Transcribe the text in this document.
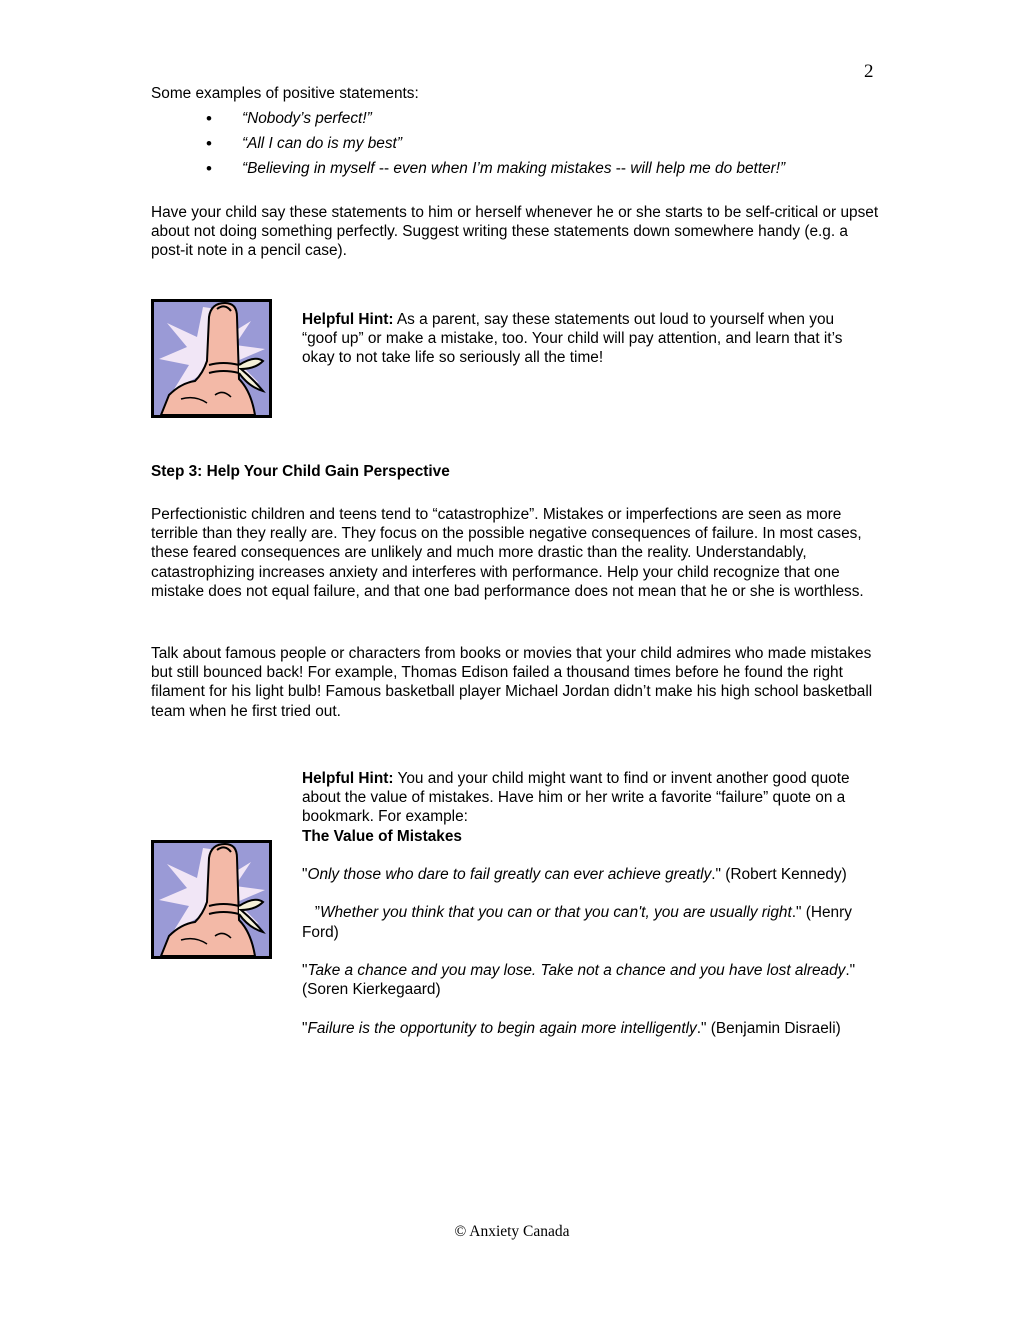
2

Some examples of positive statements:

• “Nobody’s perfect!”
• “All I can do is my best”
• “Believing in myself -- even when I’m making mistakes -- will help me do better!”

Have your child say these statements to him or herself whenever he or she starts to be self-critical or upset about not doing something perfectly. Suggest writing these statements down somewhere handy (e.g. a post-it note in a pencil case).

Helpful Hint: As a parent, say these statements out loud to yourself when you “goof up” or make a mistake, too. Your child will pay attention, and learn that it’s okay to not take life so seriously all the time!

Step 3: Help Your Child Gain Perspective

Perfectionistic children and teens tend to “catastrophize”. Mistakes or imperfections are seen as more terrible than they really are. They focus on the possible negative consequences of failure. In most cases, these feared consequences are unlikely and much more drastic than the reality. Understandably, catastrophizing increases anxiety and interferes with performance. Help your child recognize that one mistake does not equal failure, and that one bad performance does not mean that he or she is worthless.

Talk about famous people or characters from books or movies that your child admires who made mistakes but still bounced back! For example, Thomas Edison failed a thousand times before he found the right filament for his light bulb! Famous basketball player Michael Jordan didn’t make his high school basketball team when he first tried out.

Helpful Hint: You and your child might want to find or invent another good quote about the value of mistakes. Have him or her write a favorite “failure” quote on a bookmark. For example:

The Value of Mistakes

"Only those who dare to fail greatly can ever achieve greatly." (Robert Kennedy)

”Whether you think that you can or that you can't, you are usually right." (Henry Ford)

"Take a chance and you may lose. Take not a chance and you have lost already." (Soren Kierkegaard)

"Failure is the opportunity to begin again more intelligently." (Benjamin Disraeli)

© Anxiety Canada
